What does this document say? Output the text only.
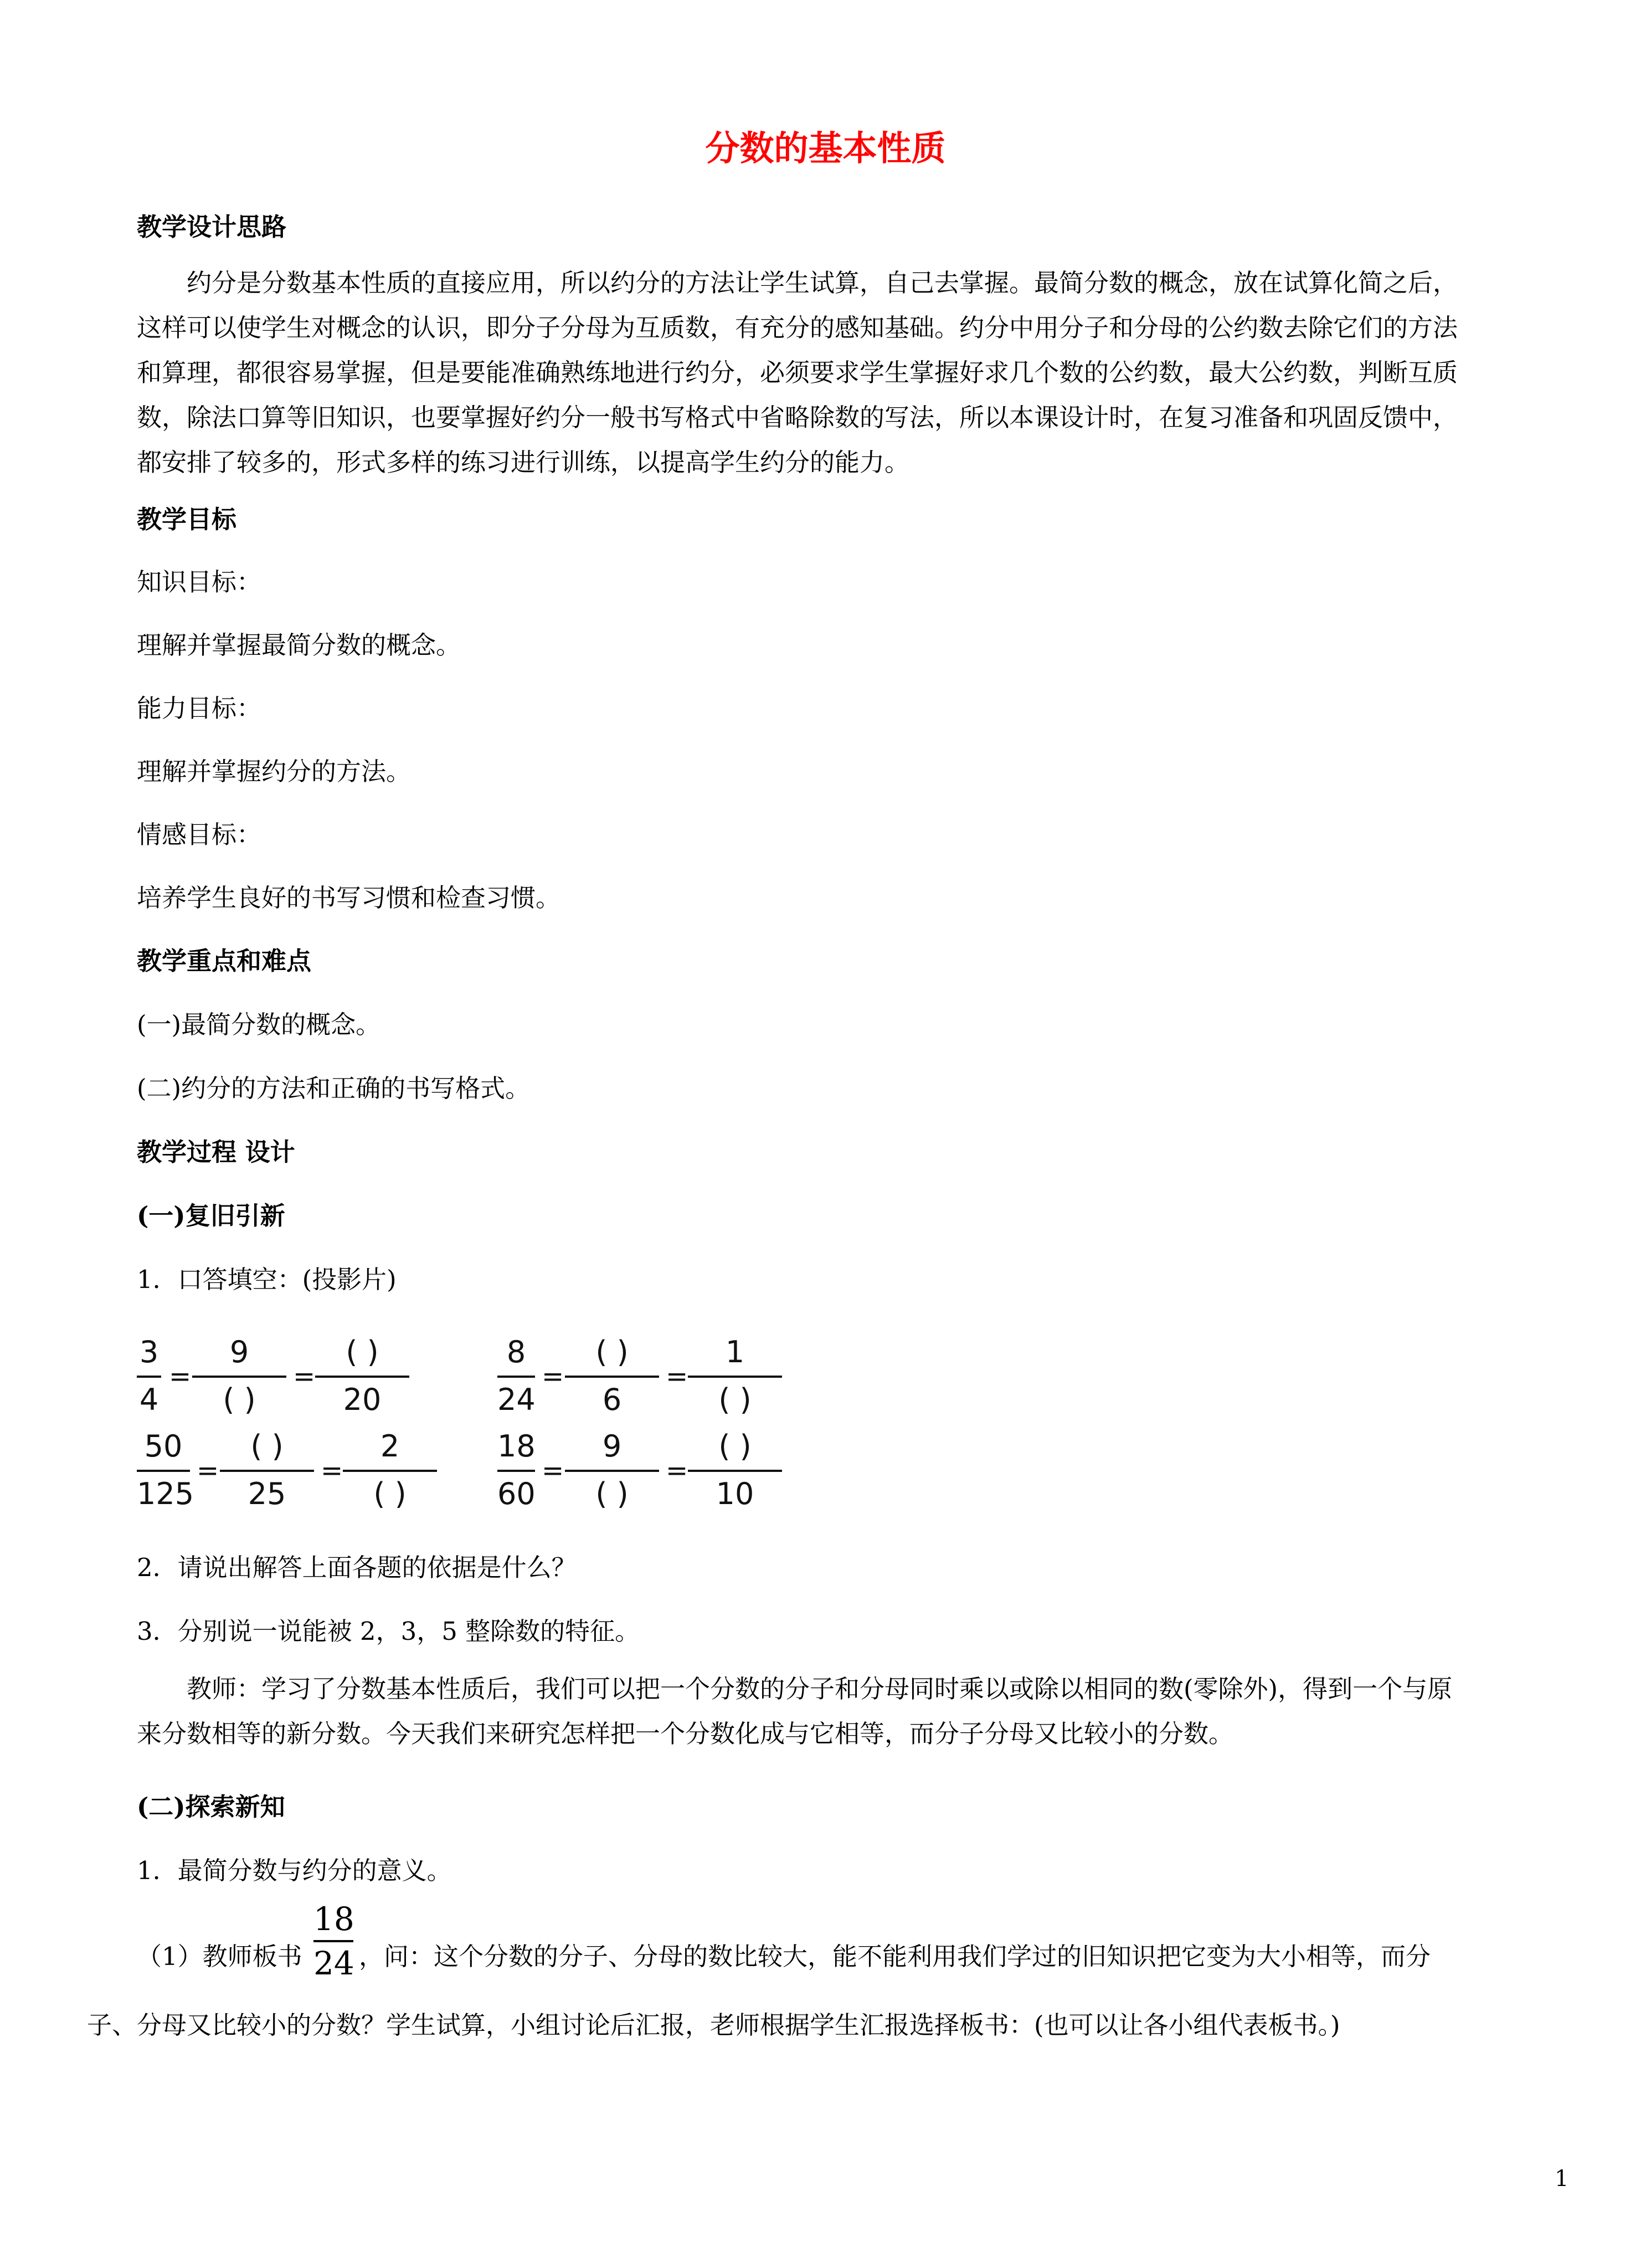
分数的基本性质
教学设计思路
约分是分数基本性质的直接应用，所以约分的方法让学生试算，自己去掌握。最简分数的概念，放在试算化简之后，
这样可以使学生对概念的认识，即分子分母为互质数，有充分的感知基础。约分中用分子和分母的公约数去除它们的方法
和算理，都很容易掌握，但是要能准确熟练地进行约分，必须要求学生掌握好求几个数的公约数，最大公约数，判断互质
数，除法口算等旧知识，也要掌握好约分一般书写格式中省略除数的写法，所以本课设计时，在复习准备和巩固反馈中，
都安排了较多的，形式多样的练习进行训练，以提高学生约分的能力。
教学目标
知识目标：
理解并掌握最简分数的概念。
能力目标：
理解并掌握约分的方法。
情感目标：
培养学生良好的书写习惯和检查习惯。
教学重点和难点
(一)最简分数的概念。
(二)约分的方法和正确的书写格式。
教学过程 设计
(一)复旧引新
1．口答填空：(投影片)
3
4
=
9
( )
=
( )
20
8
24
=
( )
6
=
1
( )
50
125
=
( )
25
=
2
( )
18
60
=
9
( )
=
( )
10
2．请说出解答上面各题的依据是什么？
3．分别说一说能被 2，3，5 整除数的特征。
教师：学习了分数基本性质后，我们可以把一个分数的分子和分母同时乘以或除以相同的数(零除外)，得到一个与原
来分数相等的新分数。今天我们来研究怎样把一个分数化成与它相等，而分子分母又比较小的分数。
(二)探索新知
1．最简分数与约分的意义。
（1）教师板书
18
24 ，问：这个分数的分子、分母的数比较大，能不能利用我们学过的旧知识把它变为大小相等，而分
子、分母又比较小的分数？学生试算，小组讨论后汇报，老师根据学生汇报选择板书：(也可以让各小组代表板书。)
1
